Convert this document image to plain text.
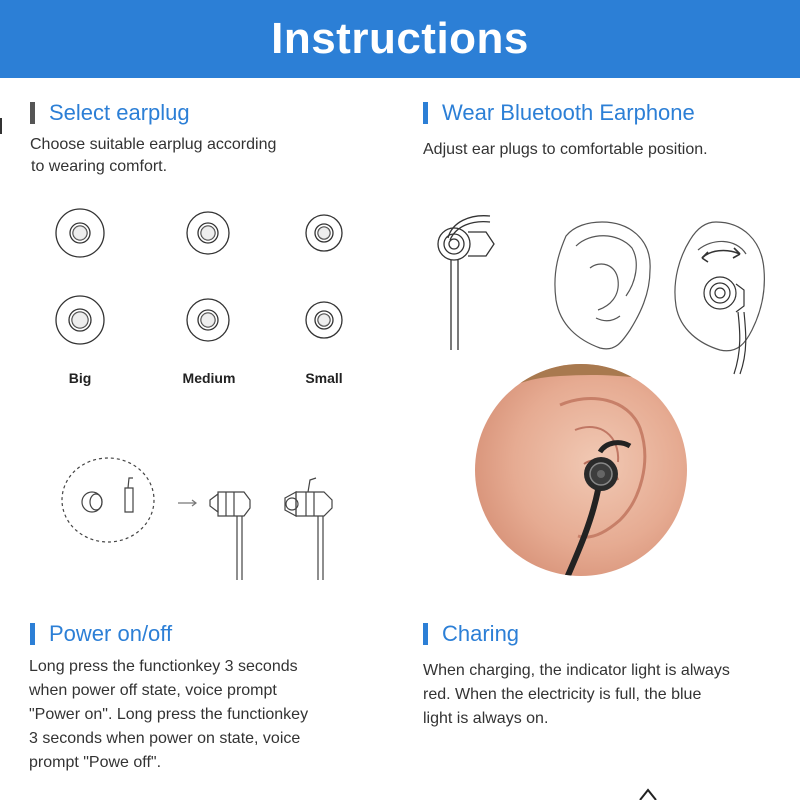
Instructions
Select earplug
Choose suitable earplug according
to wearing comfort.
Big	Medium	Small
Wear Bluetooth Earphone
Adjust ear plugs to comfortable position.
Power on/off
Long press the functionkey 3 seconds
when power off state, voice prompt
"Power on". Long press the functionkey
3 seconds when power on state, voice
prompt "Powe off".
Charing
When charging, the indicator light is always
red. When the electricity is full, the blue
light is always on.
